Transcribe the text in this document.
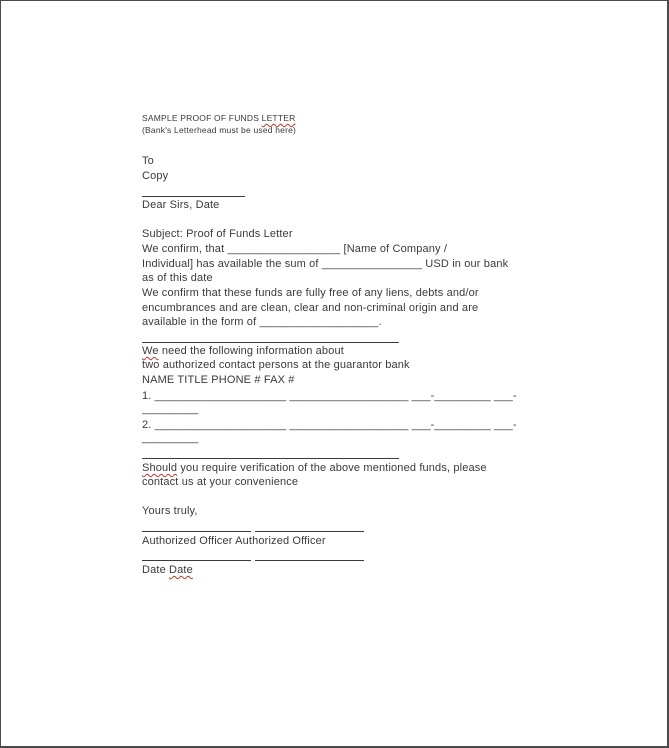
SAMPLE PROOF OF FUNDS LETTER
(Bank's Letterhead must be used here)
To
Copy
Dear Sirs, Date
Subject: Proof of Funds Letter
We confirm, that __________________ [Name of Company /
Individual] has available the sum of ________________ USD in our bank
as of this date
We confirm that these funds are fully free of any liens, debts and/or
encumbrances and are clean, clear and non-criminal origin and are
available in the form of ___________________.
We need the following information about
two authorized contact persons at the guarantor bank
NAME TITLE PHONE # FAX #
1. _____________________ ___________________ ___-_________ ___-
_________
2. _____________________ ___________________ ___-_________ ___-
_________
Should you require verification of the above mentioned funds, please
contact us at your convenience
Yours truly,
Authorized Officer Authorized Officer
Date Date
